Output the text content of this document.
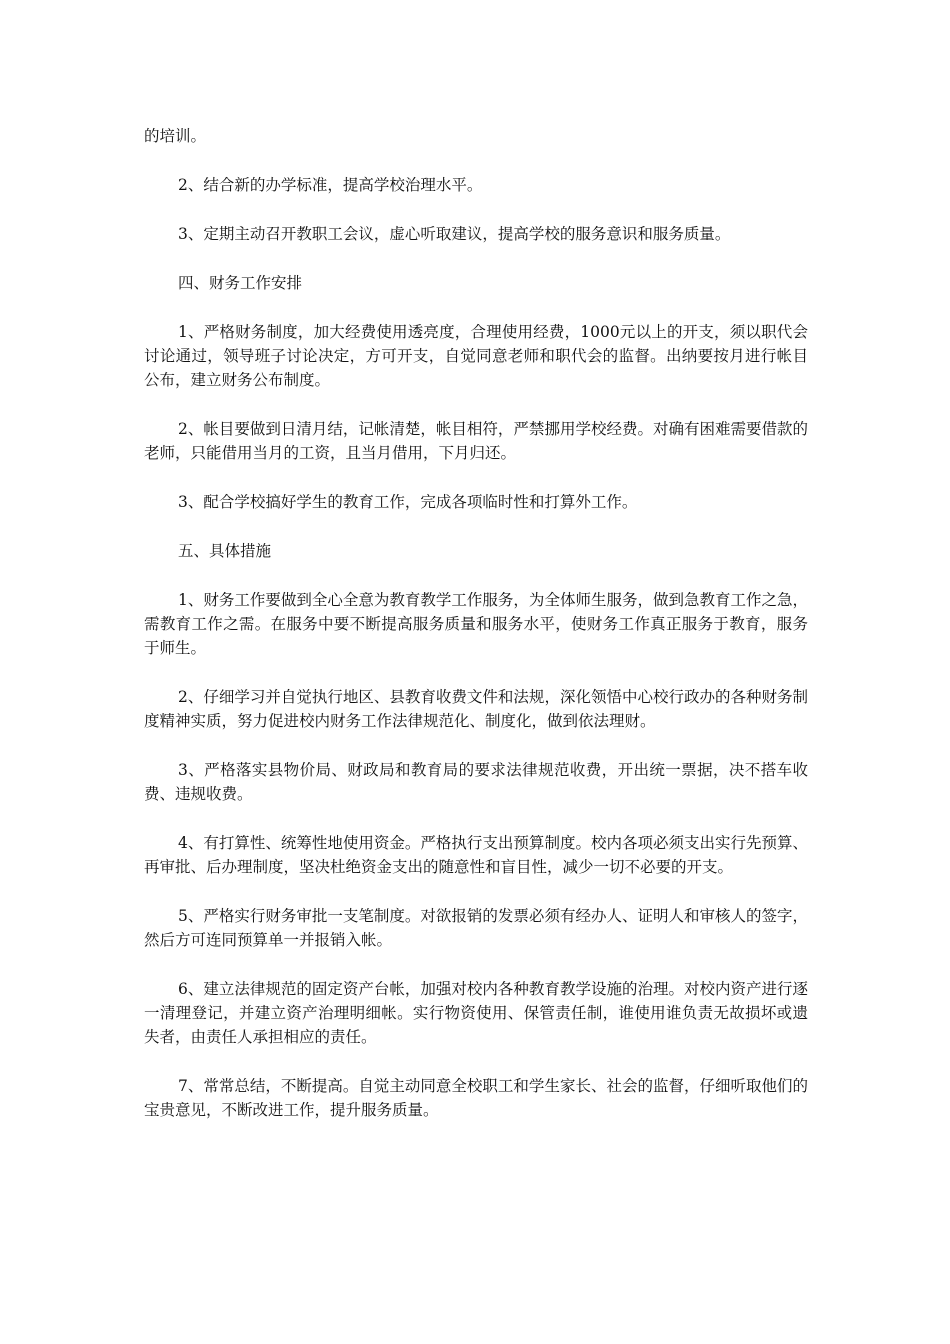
的培训。

2、结合新的办学标准，提高学校治理水平。

3、定期主动召开教职工会议，虚心听取建议，提高学校的服务意识和服务质量。

四、财务工作安排

1、严格财务制度，加大经费使用透亮度，合理使用经费，1000元以上的开支，须以职代会讨论通过，领导班子讨论决定，方可开支，自觉同意老师和职代会的监督。出纳要按月进行帐目公布，建立财务公布制度。

2、帐目要做到日清月结，记帐清楚，帐目相符，严禁挪用学校经费。对确有困难需要借款的老师，只能借用当月的工资，且当月借用，下月归还。

3、配合学校搞好学生的教育工作，完成各项临时性和打算外工作。

五、具体措施

1、财务工作要做到全心全意为教育教学工作服务，为全体师生服务，做到急教育工作之急，需教育工作之需。在服务中要不断提高服务质量和服务水平，使财务工作真正服务于教育，服务于师生。

2、仔细学习并自觉执行地区、县教育收费文件和法规，深化领悟中心校行政办的各种财务制度精神实质，努力促进校内财务工作法律规范化、制度化，做到依法理财。

3、严格落实县物价局、财政局和教育局的要求法律规范收费，开出统一票据，决不搭车收费、违规收费。

4、有打算性、统筹性地使用资金。严格执行支出预算制度。校内各项必须支出实行先预算、再审批、后办理制度，坚决杜绝资金支出的随意性和盲目性，减少一切不必要的开支。

5、严格实行财务审批一支笔制度。对欲报销的发票必须有经办人、证明人和审核人的签字，然后方可连同预算单一并报销入帐。

6、建立法律规范的固定资产台帐，加强对校内各种教育教学设施的治理。对校内资产进行逐一清理登记，并建立资产治理明细帐。实行物资使用、保管责任制，谁使用谁负责无故损坏或遗失者，由责任人承担相应的责任。

7、常常总结，不断提高。自觉主动同意全校职工和学生家长、社会的监督，仔细听取他们的宝贵意见，不断改进工作，提升服务质量。
